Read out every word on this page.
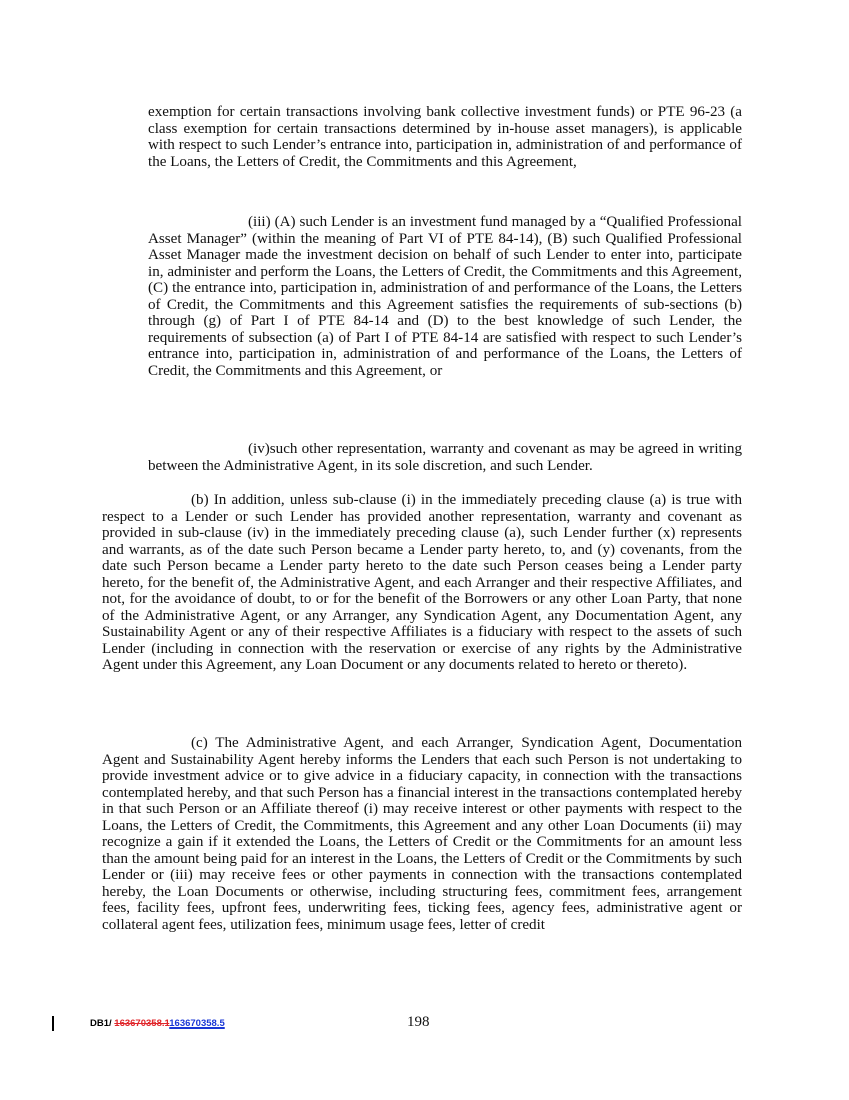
exemption for certain transactions involving bank collective investment funds) or PTE 96-23 (a class exemption for certain transactions determined by in-house asset managers), is applicable with respect to such Lender’s entrance into, participation in, administration of and performance of the Loans, the Letters of Credit, the Commitments and this Agreement,

(iii) (A) such Lender is an investment fund managed by a “Qualified Professional Asset Manager” (within the meaning of Part VI of PTE 84-14), (B) such Qualified Professional Asset Manager made the investment decision on behalf of such Lender to enter into, participate in, administer and perform the Loans, the Letters of Credit, the Commitments and this Agreement, (C) the entrance into, participation in, administration of and performance of the Loans, the Letters of Credit, the Commitments and this Agreement satisfies the requirements of sub-sections (b) through (g) of Part I of PTE 84-14 and (D) to the best knowledge of such Lender, the requirements of subsection (a) of Part I of PTE 84-14 are satisfied with respect to such Lender’s entrance into, participation in, administration of and performance of the Loans, the Letters of Credit, the Commitments and this Agreement, or

(iv)such other representation, warranty and covenant as may be agreed in writing between the Administrative Agent, in its sole discretion, and such Lender.

(b) In addition, unless sub-clause (i) in the immediately preceding clause (a) is true with respect to a Lender or such Lender has provided another representation, warranty and covenant as provided in sub-clause (iv) in the immediately preceding clause (a), such Lender further (x) represents and warrants, as of the date such Person became a Lender party hereto, to, and (y) covenants, from the date such Person became a Lender party hereto to the date such Person ceases being a Lender party hereto, for the benefit of, the Administrative Agent, and each Arranger and their respective Affiliates, and not, for the avoidance of doubt, to or for the benefit of the Borrowers or any other Loan Party, that none of the Administrative Agent, or any Arranger, any Syndication Agent, any Documentation Agent, any Sustainability Agent or any of their respective Affiliates is a fiduciary with respect to the assets of such Lender (including in connection with the reservation or exercise of any rights by the Administrative Agent under this Agreement, any Loan Document or any documents related to hereto or thereto).

(c) The Administrative Agent, and each Arranger, Syndication Agent, Documentation Agent and Sustainability Agent hereby informs the Lenders that each such Person is not undertaking to provide investment advice or to give advice in a fiduciary capacity, in connection with the transactions contemplated hereby, and that such Person has a financial interest in the transactions contemplated hereby in that such Person or an Affiliate thereof (i) may receive interest or other payments with respect to the Loans, the Letters of Credit, the Commitments, this Agreement and any other Loan Documents (ii) may recognize a gain if it extended the Loans, the Letters of Credit or the Commitments for an amount less than the amount being paid for an interest in the Loans, the Letters of Credit or the Commitments by such Lender or (iii) may receive fees or other payments in connection with the transactions contemplated hereby, the Loan Documents or otherwise, including structuring fees, commitment fees, arrangement fees, facility fees, upfront fees, underwriting fees, ticking fees, agency fees, administrative agent or collateral agent fees, utilization fees, minimum usage fees, letter of credit

DB1/ 163670358.1163670358.5	198
